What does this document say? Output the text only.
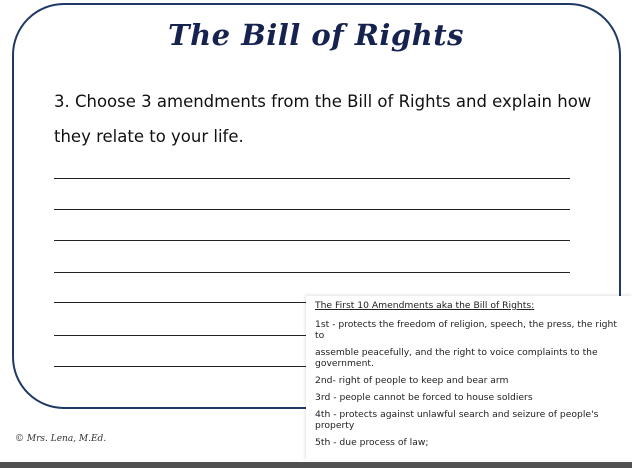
The Bill of Rights
3. Choose 3 amendments from the Bill of Rights and explain how they relate to your life.
© Mrs. Lena, M.Ed.
The First 10 Amendments aka the Bill of Rights:
1st - protects the freedom of religion, speech, the press, the right to
assemble peacefully, and the right to voice complaints to the government.
2nd- right of people to keep and bear arm
3rd - people cannot be forced to house soldiers
4th - protects against unlawful search and seizure of people's property
5th - due process of law;
